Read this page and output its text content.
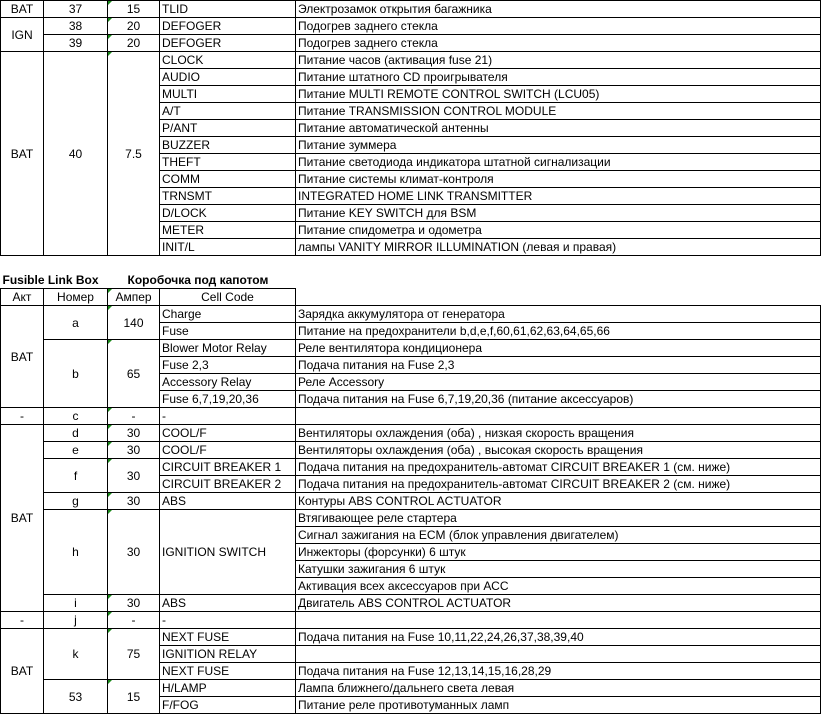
BAT	37	15	TLID	Электрозамок открытия багажника
IGN	38	20	DEFOGER	Подогрев заднего стекла
	39	20	DEFOGER	Подогрев заднего стекла
BAT	40	7.5	CLOCK	Питание часов (активация fuse 21)
			AUDIO	Питание штатного CD проигрывателя
			MULTI	Питание MULTI REMOTE CONTROL SWITCH (LCU05)
			A/T	Питание TRANSMISSION CONTROL MODULE
			P/ANT	Питание автоматической антенны
			BUZZER	Питание зуммера
			THEFT	Питание светодиода индикатора штатной сигнализации
			COMM	Питание системы климат-контроля
			TRNSMT	INTEGRATED HOME LINK TRANSMITTER
			D/LOCK	Питание KEY SWITCH для BSM
			METER	Питание спидометра и одометра
			INIT/L	лампы VANITY MIRROR ILLUMINATION (левая и правая)
Fusible Link Box		Коробочка под капотом		
Акт	Номер	Ампер	Cell Code	
BAT	a	140	Charge	Зарядка аккумулятора от генератора
			Fuse	Питание на предохранители b,d,e,f,60,61,62,63,64,65,66
	b	65	Blower Motor Relay	Реле вентилятора кондиционера
			Fuse 2,3	Подача питания на Fuse 2,3
			Accessory Relay	Реле Accessory
			Fuse 6,7,19,20,36	Подача питания на Fuse 6,7,19,20,36 (питание аксессуаров)
-	c	-	-	
BAT	d	30	COOL/F	Вентиляторы охлаждения (оба) , низкая скорость вращения
	e	30	COOL/F	Вентиляторы охлаждения (оба) , высокая скорость вращения
	f	30	CIRCUIT BREAKER 1	Подача питания на предохранитель-автомат CIRCUIT BREAKER 1 (см. ниже)
			CIRCUIT BREAKER 2	Подача питания на предохранитель-автомат CIRCUIT BREAKER 2 (см. ниже)
	g	30	ABS	Контуры ABS CONTROL ACTUATOR
	h	30	IGNITION SWITCH	Втягивающее реле стартера
				Сигнал зажигания на ECM (блок управления двигателем)
				Инжекторы (форсунки) 6 штук
				Катушки зажигания 6 штук
				Активация всех аксессуаров при АСС
	i	30	ABS	Двигатель ABS CONTROL ACTUATOR
-	j	-	-	
BAT	k	75	NEXT FUSE	Подача питания на Fuse 10,11,22,24,26,37,38,39,40
			IGNITION RELAY	
			NEXT FUSE	Подача питания на Fuse 12,13,14,15,16,28,29
	53	15	H/LAMP	Лампа ближнего/дальнего света левая
			F/FOG	Питание реле противотуманных ламп
